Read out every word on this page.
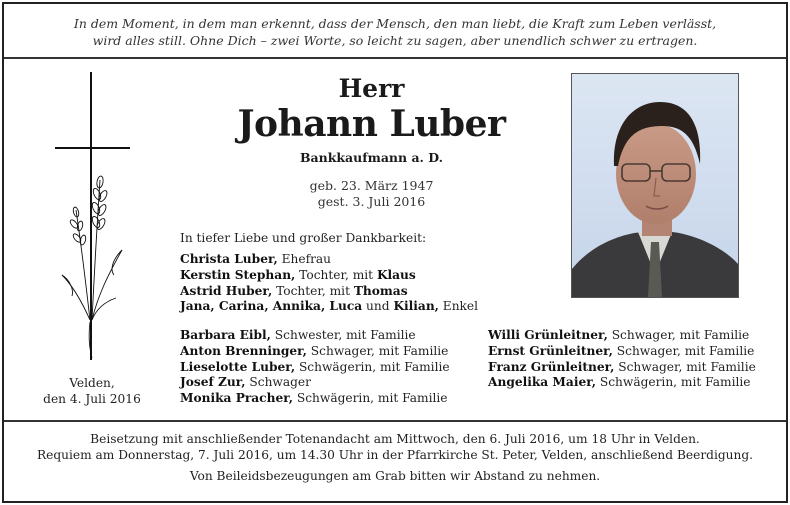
In dem Moment, in dem man erkennt, dass der Mensch, den man liebt, die Kraft zum Leben verlässt,
wird alles still. Ohne Dich – zwei Worte, so leicht zu sagen, aber unendlich schwer zu ertragen.
Herr
Johann Luber
Bankkaufmann a. D.
geb. 23. März 1947
gest. 3. Juli 2016
In tiefer Liebe und großer Dankbarkeit:
Christa Luber, Ehefrau
Kerstin Stephan, Tochter, mit Klaus
Astrid Huber, Tochter, mit Thomas
Jana, Carina, Annika, Luca und Kilian, Enkel
Barbara Eibl, Schwester, mit Familie
Anton Brenninger, Schwager, mit Familie
Lieselotte Luber, Schwägerin, mit Familie
Josef Zur, Schwager
Monika Pracher, Schwägerin, mit Familie
Willi Grünleitner, Schwager, mit Familie
Ernst Grünleitner, Schwager, mit Familie
Franz Grünleitner, Schwager, mit Familie
Angelika Maier, Schwägerin, mit Familie
Velden,
den 4. Juli 2016
Beisetzung mit anschließender Totenandacht am Mittwoch, den 6. Juli 2016, um 18 Uhr in Velden.
Requiem am Donnerstag, 7. Juli 2016, um 14.30 Uhr in der Pfarrkirche St. Peter, Velden, anschließend Beerdigung.
Von Beileidsbezeugungen am Grab bitten wir Abstand zu nehmen.
